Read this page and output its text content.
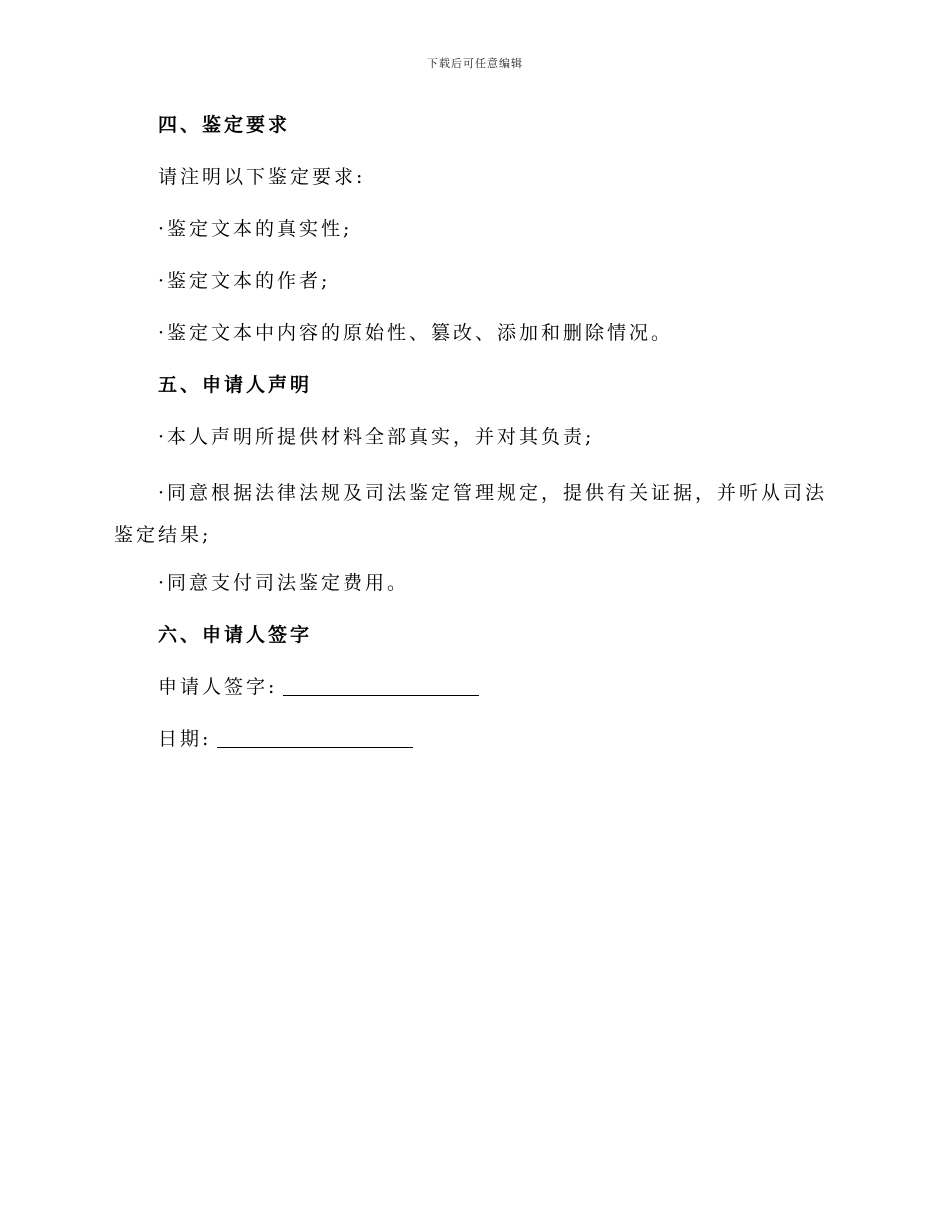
下载后可任意编辑
四、鉴定要求
请注明以下鉴定要求:
·鉴定文本的真实性;
·鉴定文本的作者;
·鉴定文本中内容的原始性、篡改、添加和删除情况。
五、申请人声明
·本人声明所提供材料全部真实，并对其负责;
·同意根据法律法规及司法鉴定管理规定，提供有关证据，并听从司法鉴定结果;
·同意支付司法鉴定费用。
六、申请人签字
申请人签字:
日期:
